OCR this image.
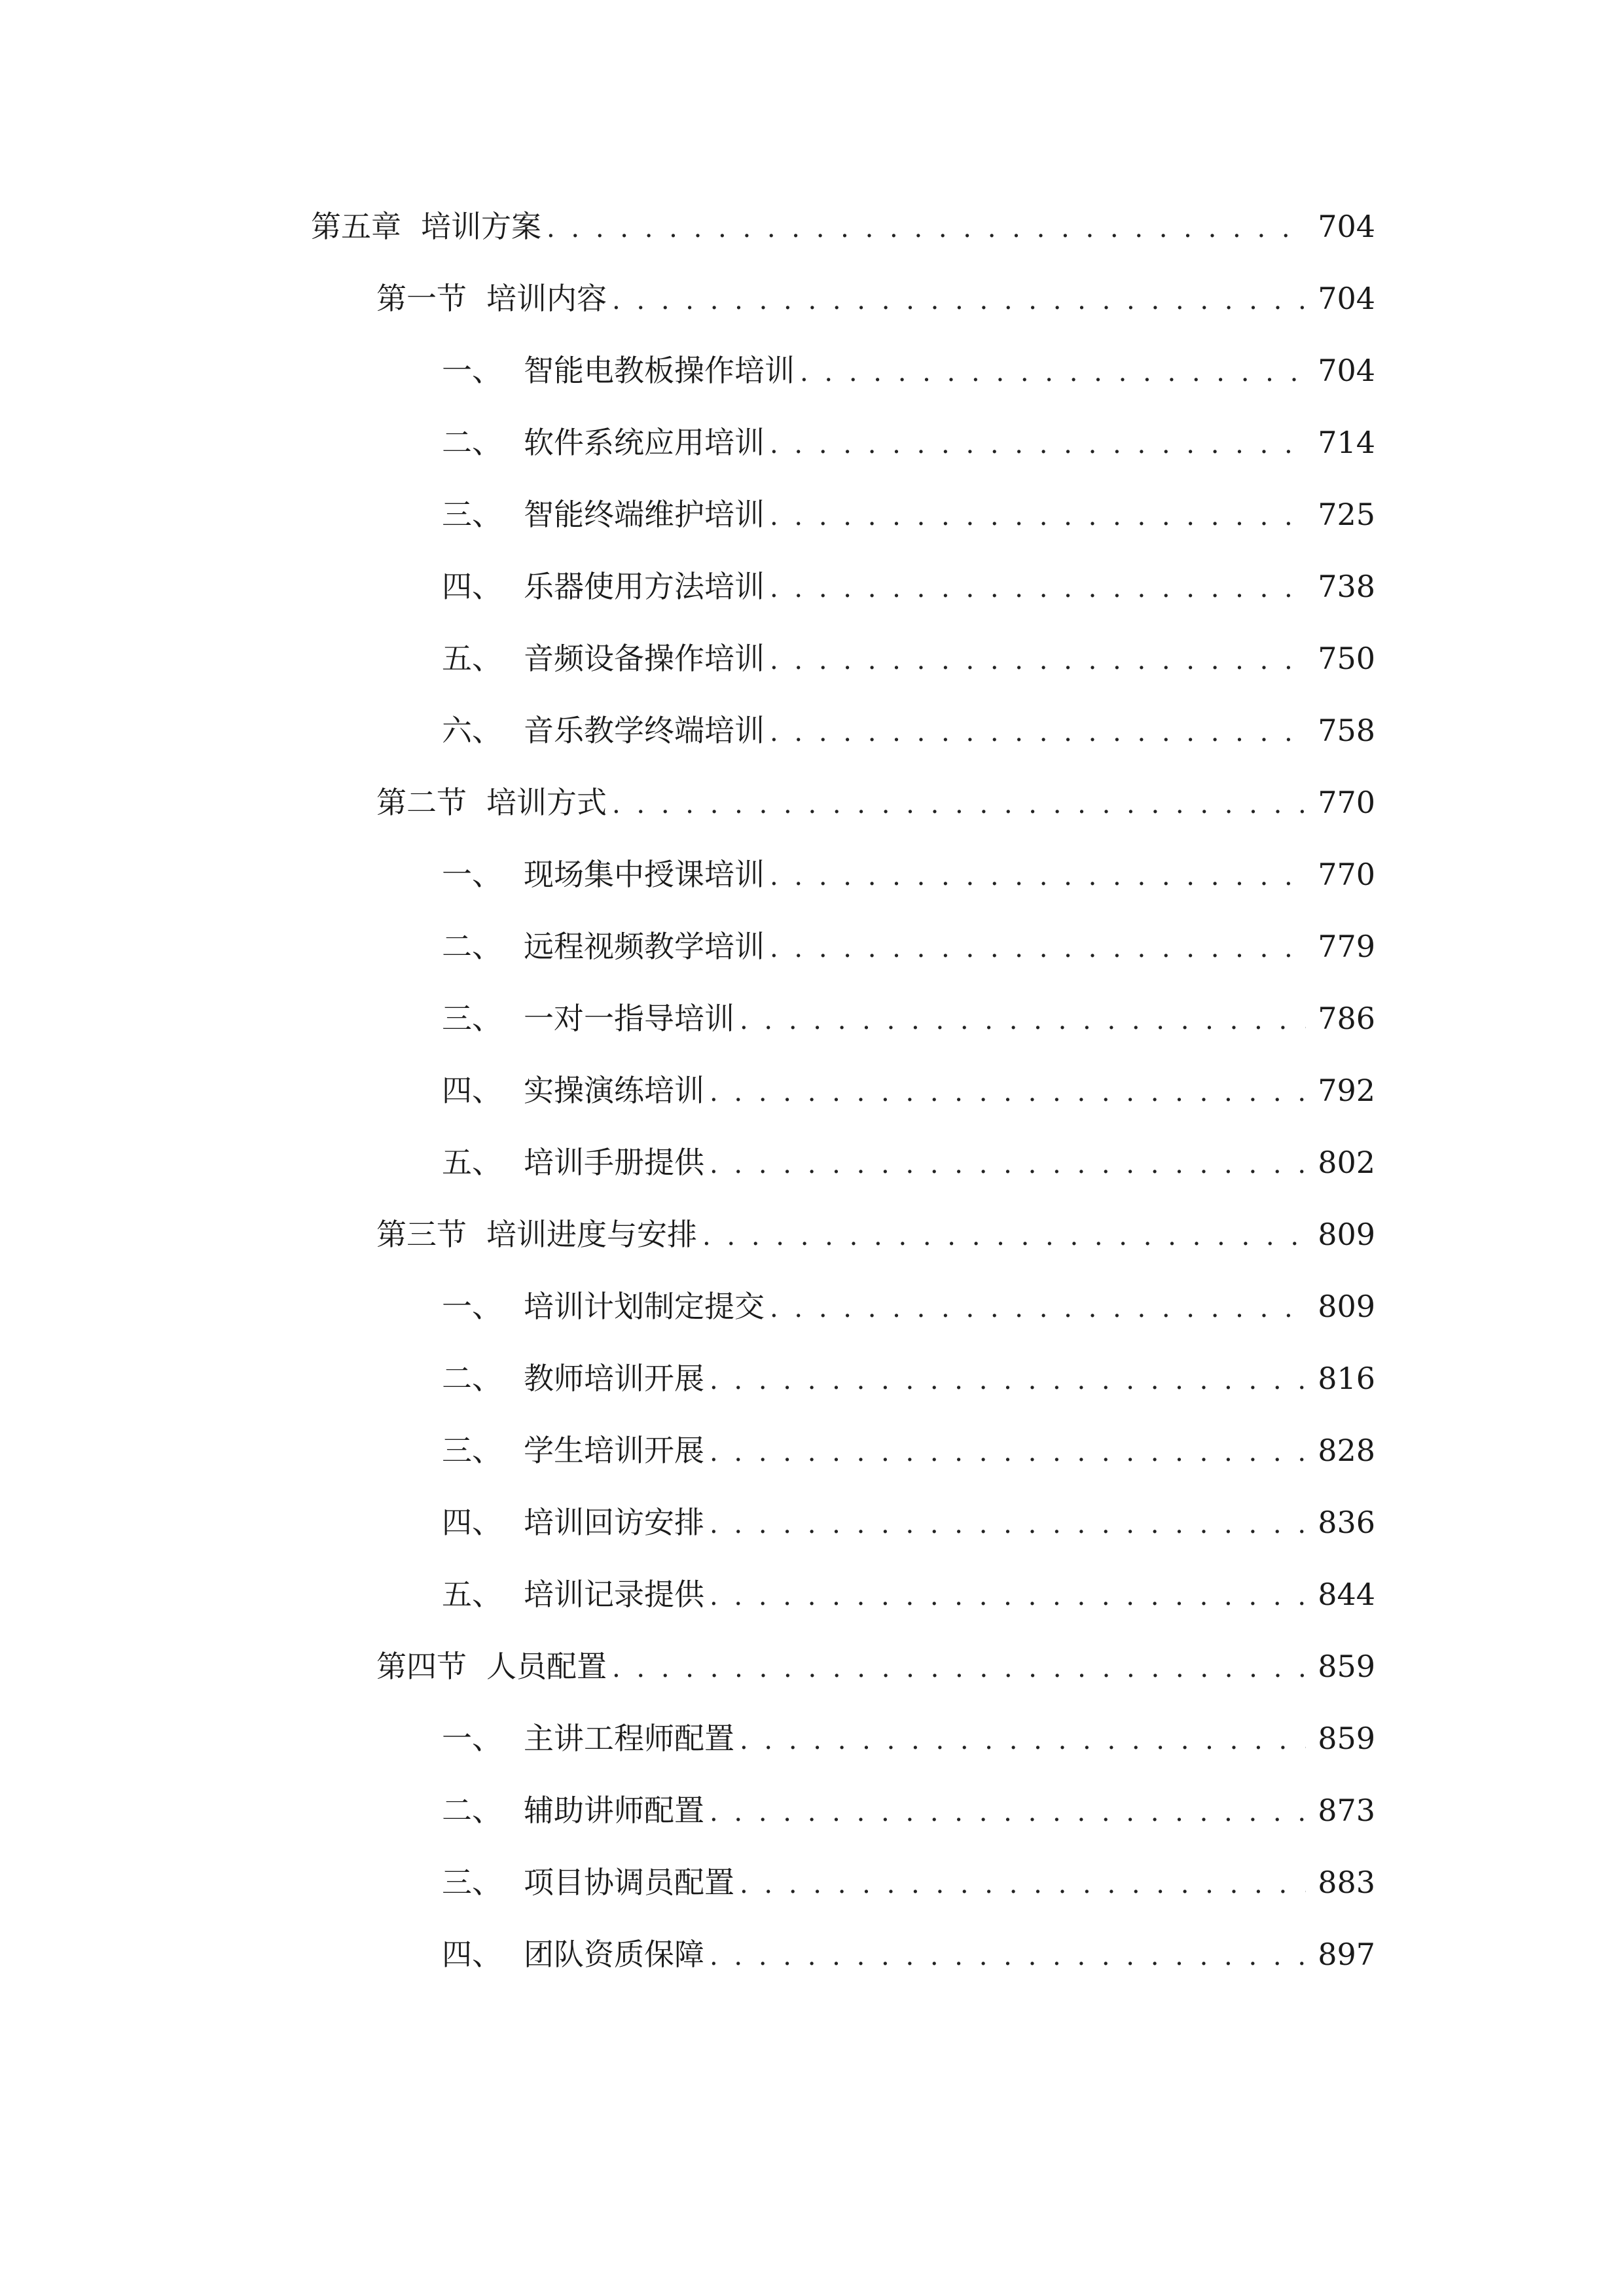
第五章 培训方案 . . .	704
第一节 培训内容 . . .	704
一、 智能电教板操作培训 . . .	704
二、 软件系统应用培训 . . .	714
三、 智能终端维护培训 . . .	725
四、 乐器使用方法培训 . . .	738
五、 音频设备操作培训 . . .	750
六、 音乐教学终端培训 . . .	758
第二节 培训方式 . . .	770
一、 现场集中授课培训 . . .	770
二、 远程视频教学培训 . . .	779
三、 一对一指导培训 . . .	786
四、 实操演练培训 . . .	792
五、 培训手册提供 . . .	802
第三节 培训进度与安排 . . .	809
一、 培训计划制定提交 . . .	809
二、 教师培训开展 . . .	816
三、 学生培训开展 . . .	828
四、 培训回访安排 . . .	836
五、 培训记录提供 . . .	844
第四节 人员配置 . . .	859
一、 主讲工程师配置 . . .	859
二、 辅助讲师配置 . . .	873
三、 项目协调员配置 . . .	883
四、 团队资质保障 . . .	897
